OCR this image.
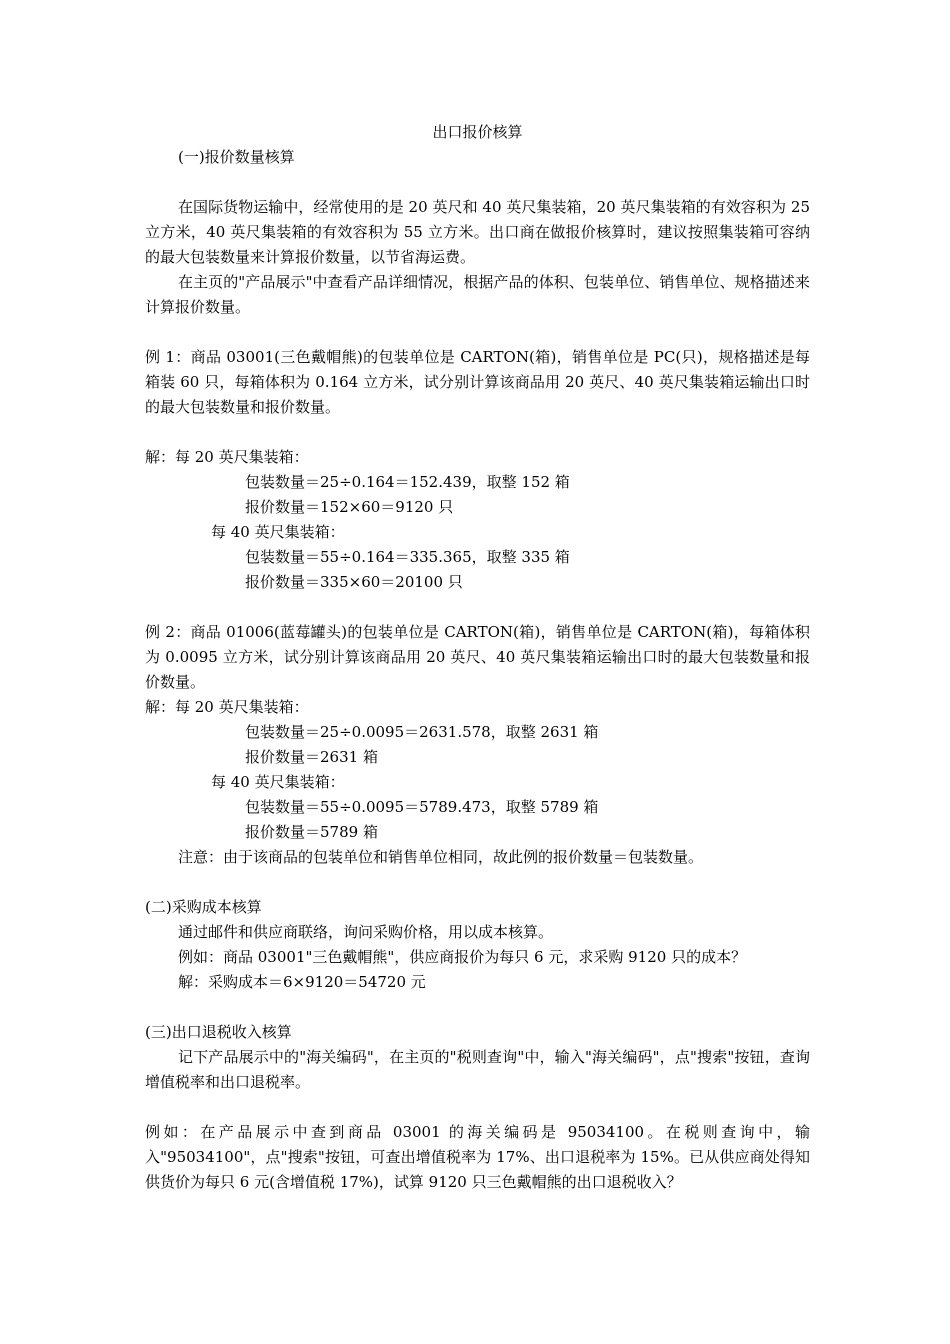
出口报价核算

(一)报价数量核算

在国际货物运输中，经常使用的是 20 英尺和 40 英尺集装箱，20 英尺集装箱的有效容积为 25 立方米，40 英尺集装箱的有效容积为 55 立方米。出口商在做报价核算时，建议按照集装箱可容纳的最大包装数量来计算报价数量，以节省海运费。

在主页的"产品展示"中查看产品详细情况，根据产品的体积、包装单位、销售单位、规格描述来计算报价数量。

例 1：商品 03001(三色戴帽熊)的包装单位是 CARTON(箱)，销售单位是 PC(只)，规格描述是每箱装 60 只，每箱体积为 0.164 立方米，试分别计算该商品用 20 英尺、40 英尺集装箱运输出口时的最大包装数量和报价数量。

解：每 20 英尺集装箱：

包装数量＝25÷0.164＝152.439，取整 152 箱

报价数量＝152×60＝9120 只

每 40 英尺集装箱：

包装数量＝55÷0.164＝335.365，取整 335 箱

报价数量＝335×60＝20100 只

例 2：商品 01006(蓝莓罐头)的包装单位是 CARTON(箱)，销售单位是 CARTON(箱)，每箱体积为 0.0095 立方米，试分别计算该商品用 20 英尺、40 英尺集装箱运输出口时的最大包装数量和报价数量。

解：每 20 英尺集装箱：

包装数量＝25÷0.0095＝2631.578，取整 2631 箱

报价数量＝2631 箱

每 40 英尺集装箱：

包装数量＝55÷0.0095＝5789.473，取整 5789 箱

报价数量＝5789 箱

注意：由于该商品的包装单位和销售单位相同，故此例的报价数量＝包装数量。

(二)采购成本核算

通过邮件和供应商联络，询问采购价格，用以成本核算。

例如：商品 03001"三色戴帽熊"，供应商报价为每只 6 元，求采购 9120 只的成本？

解：采购成本＝6×9120＝54720 元

(三)出口退税收入核算

记下产品展示中的"海关编码"，在主页的"税则查询"中，输入"海关编码"，点"搜索"按钮，查询增值税率和出口退税率。

例如：在产品展示中查到商品 03001 的海关编码是 95034100。在税则查询中，输入"95034100"，点"搜索"按钮，可查出增值税率为 17%、出口退税率为 15%。已从供应商处得知供货价为每只 6 元(含增值税 17%)，试算 9120 只三色戴帽熊的出口退税收入？
